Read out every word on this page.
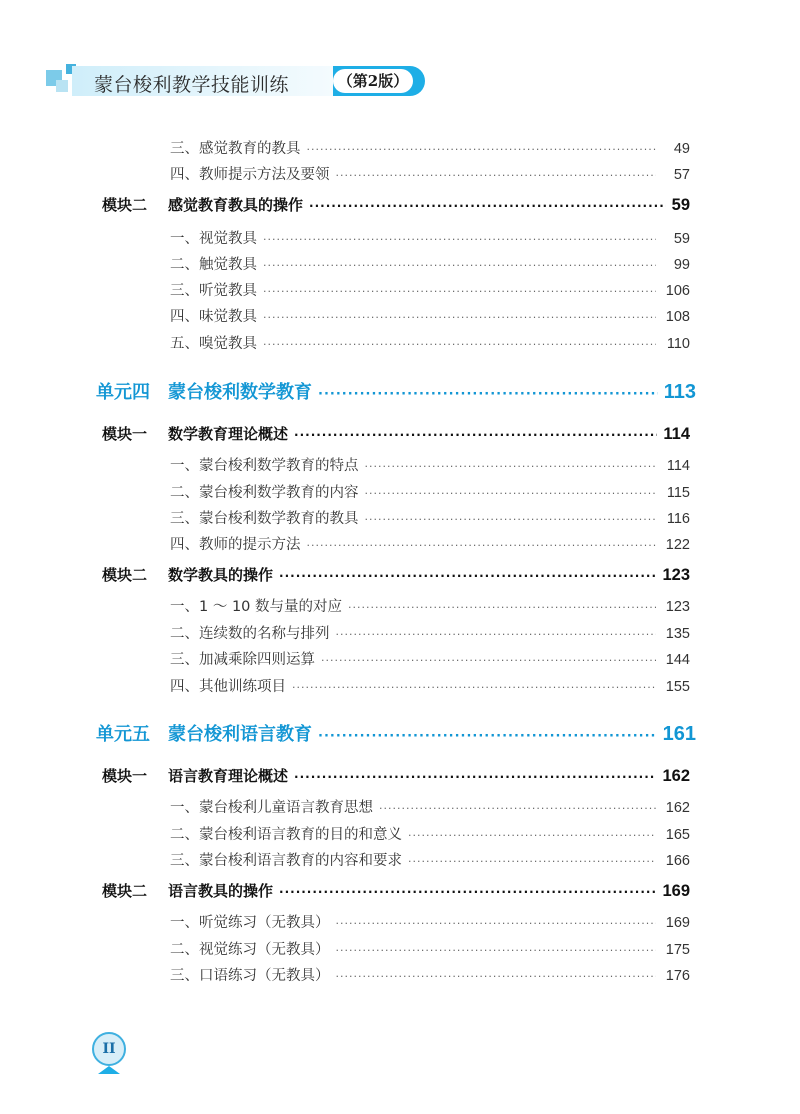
蒙台梭利教学技能训练	（第2版）
三、感觉教育的教具 ·····	49
四、教师提示方法及要领 ·····	57
模块二 感觉教育教具的操作 ·····	59
一、视觉教具 ·····	59
二、触觉教具 ·····	99
三、听觉教具 ·····	106
四、味觉教具 ·····	108
五、嗅觉教具 ·····	110
单元四 蒙台梭利数学教育 ·····	113
模块一 数学教育理论概述 ·····	114
一、蒙台梭利数学教育的特点 ·····	114
二、蒙台梭利数学教育的内容 ·····	115
三、蒙台梭利数学教育的教具 ·····	116
四、教师的提示方法 ·····	122
模块二 数学教具的操作 ·····	123
一、1 ～ 10 数与量的对应 ·····	123
二、连续数的名称与排列 ·····	135
三、加减乘除四则运算 ·····	144
四、其他训练项目 ·····	155
单元五 蒙台梭利语言教育 ·····	161
模块一 语言教育理论概述 ·····	162
一、蒙台梭利儿童语言教育思想 ·····	162
二、蒙台梭利语言教育的目的和意义 ·····	165
三、蒙台梭利语言教育的内容和要求 ·····	166
模块二 语言教具的操作 ·····	169
一、听觉练习（无教具） ·····	169
二、视觉练习（无教具） ·····	175
三、口语练习（无教具） ·····	176
II
